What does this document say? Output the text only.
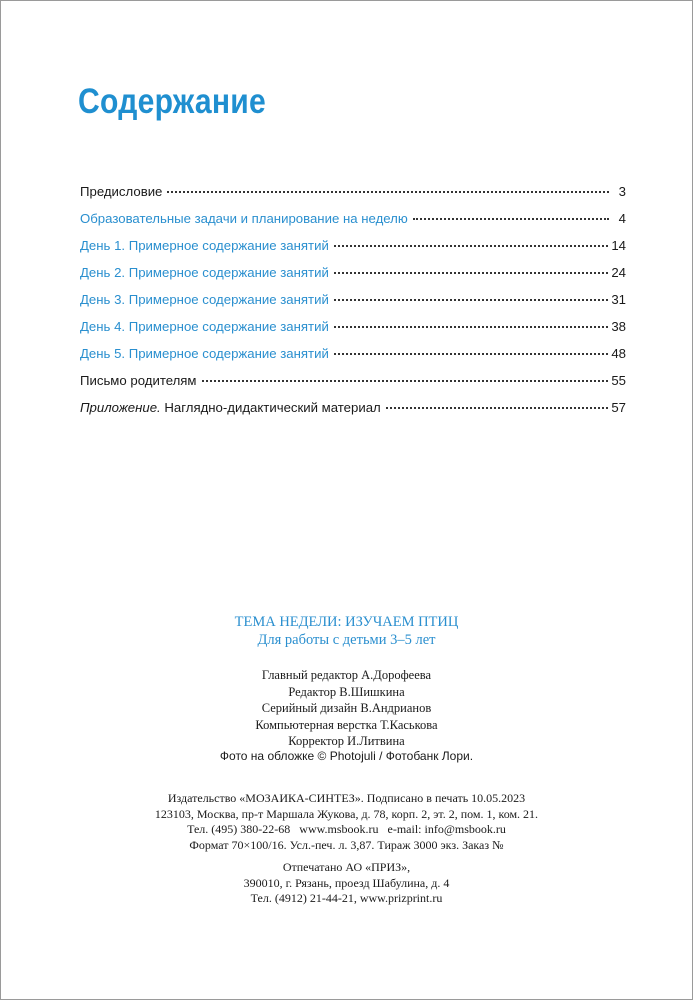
Содержание
Предисловие	3
Образовательные задачи и планирование на неделю	4
День 1. Примерное содержание занятий	14
День 2. Примерное содержание занятий	24
День 3. Примерное содержание занятий	31
День 4. Примерное содержание занятий	38
День 5. Примерное содержание занятий	48
Письмо родителям	55
Приложение. Наглядно-дидактический материал	57
ТЕМА НЕДЕЛИ: ИЗУЧАЕМ ПТИЦ
Для работы с детьми 3–5 лет
Главный редактор А.Дорофеева
Редактор В.Шишкина
Серийный дизайн В.Андрианов
Компьютерная верстка Т.Каськова
Корректор И.Литвина
Фото на обложке © Photojuli / Фотобанк Лори.
Издательство «МОЗАИКА-СИНТЕЗ». Подписано в печать 10.05.2023
123103, Москва, пр-т Маршала Жукова, д. 78, корп. 2, эт. 2, пом. 1, ком. 21.
Тел. (495) 380-22-68   www.msbook.ru   e-mail: info@msbook.ru
Формат 70×100/16. Усл.-печ. л. 3,87. Тираж 3000 экз. Заказ №
Отпечатано АО «ПРИЗ»,
390010, г. Рязань, проезд Шабулина, д. 4
Тел. (4912) 21-44-21, www.prizprint.ru
